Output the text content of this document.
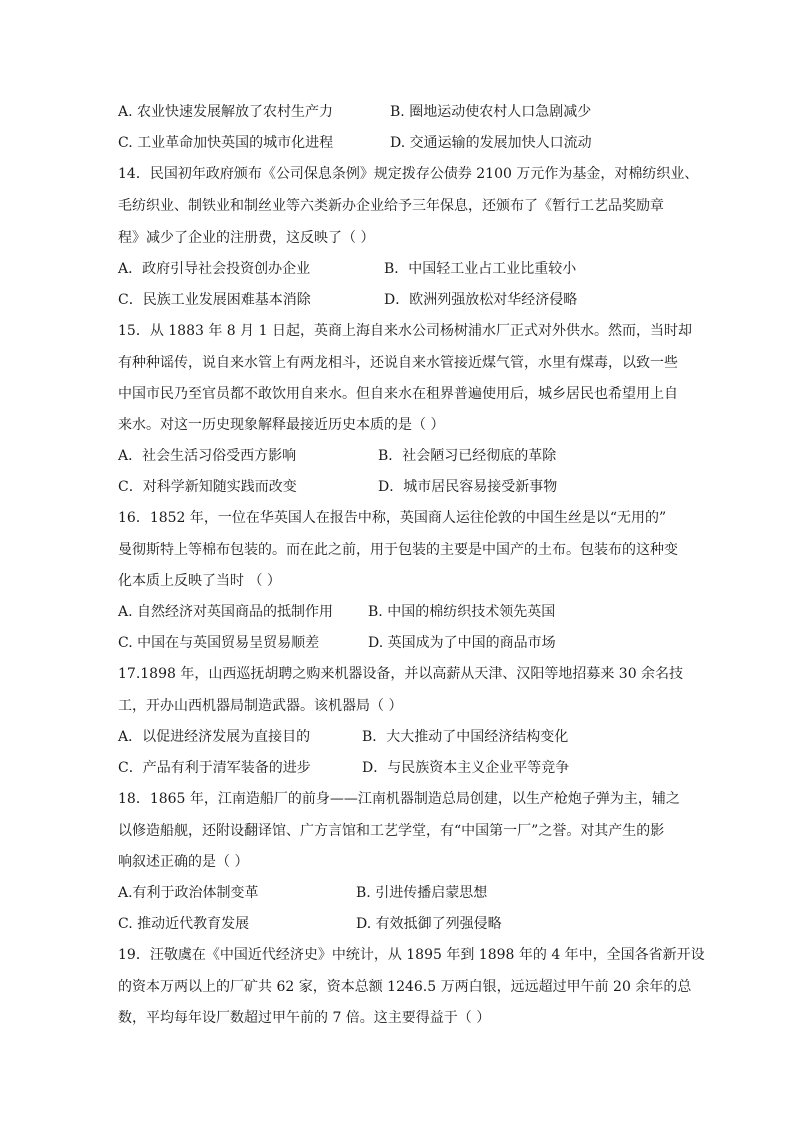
A. 农业快速发展解放了农村生产力	B. 圈地运动使农村人口急剧减少
C. 工业革命加快英国的城市化进程	D. 交通运输的发展加快人口流动
14．民国初年政府颁布《公司保息条例》规定拨存公债券 2100 万元作为基金，对棉纺织业、
毛纺织业、制铁业和制丝业等六类新办企业给予三年保息，还颁布了《暂行工艺品奖励章
程》减少了企业的注册费，这反映了（ ）
A．政府引导社会投资创办企业	B．中国轻工业占工业比重较小
C．民族工业发展困难基本消除	D．欧洲列强放松对华经济侵略
15．从 1883 年 8 月 1 日起，英商上海自来水公司杨树浦水厂正式对外供水。然而，当时却
有种种谣传，说自来水管上有两龙相斗，还说自来水管接近煤气管，水里有煤毒，以致一些
中国市民乃至官员都不敢饮用自来水。但自来水在租界普遍使用后，城乡居民也希望用上自
来水。对这一历史现象解释最接近历史本质的是（ ）
A．社会生活习俗受西方影响	B．社会陋习已经彻底的革除
C．对科学新知随实践而改变	D．城市居民容易接受新事物
16．1852 年，一位在华英国人在报告中称，英国商人运往伦敦的中国生丝是以“无用的”
曼彻斯特上等棉布包装的。而在此之前，用于包装的主要是中国产的土布。包装布的这种变
化本质上反映了当时 （ ）
A. 自然经济对英国商品的抵制作用 B. 中国的棉纺织技术领先英国
C. 中国在与英国贸易呈贸易顺差	D. 英国成为了中国的商品市场
17.1898 年，山西巡抚胡聘之购来机器设备，并以高薪从天津、汉阳等地招募来 30 余名技
工，开办山西机器局制造武器。该机器局（ ）
A．以促进经济发展为直接目的	B．大大推动了中国经济结构变化
C．产品有利于清军装备的进步	D．与民族资本主义企业平等竞争
18．1865 年，江南造船厂的前身——江南机器制造总局创建，以生产枪炮子弹为主，辅之
以修造船舰，还附设翻译馆、广方言馆和工艺学堂，有“中国第一厂”之誉。对其产生的影
响叙述正确的是（ ）
A.有利于政治体制变革	B. 引进传播启蒙思想
C. 推动近代教育发展	D. 有效抵御了列强侵略
19．汪敬虞在《中国近代经济史》中统计，从 1895 年到 1898 年的 4 年中，全国各省新开设
的资本万两以上的厂矿共 62 家，资本总额 1246.5 万两白银，远远超过甲午前 20 余年的总
数，平均每年设厂数超过甲午前的 7 倍。这主要得益于（ ）
